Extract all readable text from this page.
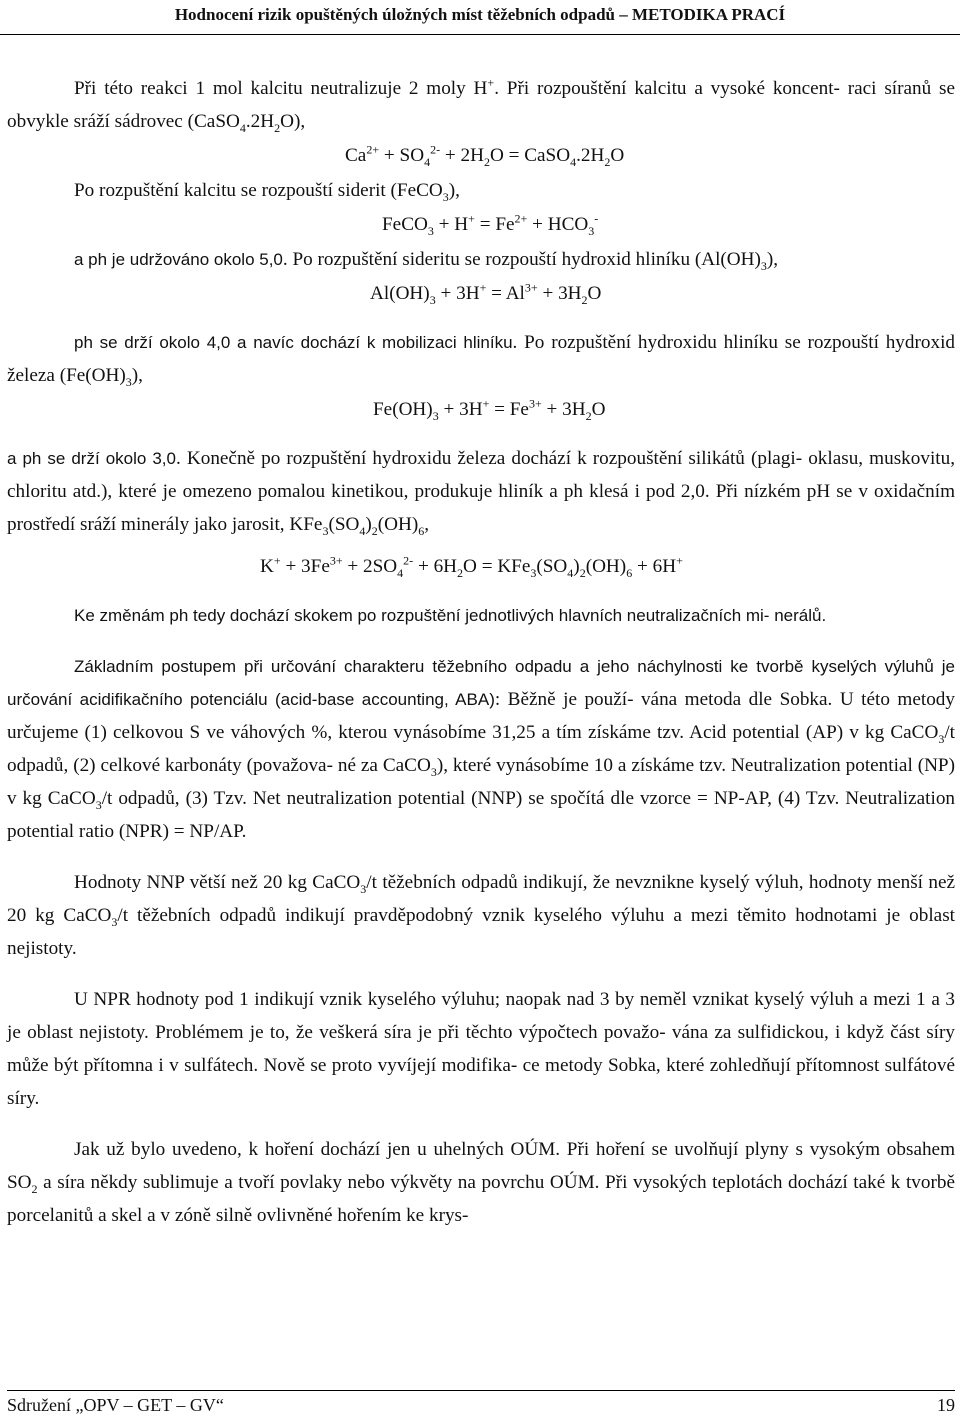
Hodnocení rizik opuštěných úložných míst těžebních odpadů – METODIKA PRACÍ

Při této reakci 1 mol kalcitu neutralizuje 2 moly H+. Při rozpouštění kalcitu a vysoké koncent- raci síranů se obvykle sráží sádrovec $(CaSO_4.2H_2O)$,

$Ca^{2+} + SO_4^{2-} + 2H_2O$ = $CaSO_4.2H_2O$

Po rozpuštění kalcitu se rozpouští siderit (FeCO$_3$),

FeCO$_3$ + $H^+ = Fe^{2+} + HCO_3^-$

a ph je udržováno okolo 5,0. Po rozpuštění sideritu se rozpouští hydroxid hliníku $(Al(OH)_3)$,

$Al(OH)_3 + 3H^+ = Al^{3+} + 3H_2O$

ph se drží okolo 4,0 a navíc dochází k mobilizaci hliníku. Po rozpuštění hydroxidu hliníku se rozpouští hydroxid železa $(Fe(OH)_3)$,

$Fe(OH)_3 + 3H^+ = Fe^{3+} + 3H_2O$

a ph se drží okolo 3,0. Konečně po rozpuštění hydroxidu železa dochází k rozpouštění silikátů (plagi- oklasu, muskovitu, chloritu atd.), které je omezeno pomalou kinetikou, produkuje hliník a ph klesá i pod 2,0. Při nízkém pH se v oxidačním prostředí sráží minerály jako jarosit, $KFe_3(SO_4)_2(OH)_6$,

$K^+ + 3Fe^{3+} + 2SO_4^{2-} + 6H_2O = KFe_3(SO_4)_2(OH)_6 + 6H^+$

Ke změnám ph tedy dochází skokem po rozpuštění jednotlivých hlavních neutralizačních mi- nerálů.

Základním postupem při určování charakteru těžebního odpadu a jeho náchylnosti ke tvorbě kyselých výluhů je určování acidifikačního potenciálu (acid-base accounting, ABA): Běžně je použí- vána metoda dle Sobka. U této metody určujeme (1) celkovou S ve váhových %, kterou vynásobíme 31,25 a tím získáme tzv. Acid potential (AP) v kg CaCO$_3$/t odpadů, (2) celkové karbonáty (považova- né za CaCO$_3$), které vynásobíme 10 a získáme tzv. Neutralization potential (NP) v kg CaCO$_3$/t odpadů, (3) Tzv. Net neutralization potential (NNP) se spočítá dle vzorce = NP-AP, (4) Tzv. Neutralization potential ratio (NPR) = NP/AP.

Hodnoty NNP větší než 20 kg CaCO$_3$/t těžebních odpadů indikují, že nevznikne kyselý výluh, hodnoty menší než 20 kg CaCO$_3$/t těžebních odpadů indikují pravděpodobný vznik kyselého výluhu a mezi těmito hodnotami je oblast nejistoty.

U NPR hodnoty pod 1 indikují vznik kyselého výluhu; naopak nad 3 by neměl vznikat kyselý výluh a mezi 1 a 3 je oblast nejistoty. Problémem je to, že veškerá síra je při těchto výpočtech považo- vána za sulfidickou, i když část síry může být přítomna i v sulfátech. Nově se proto vyvíjejí modifika- ce metody Sobka, které zohledňují přítomnost sulfátové síry.

Jak už bylo uvedeno, k hoření dochází jen u uhelných OÚM. Při hoření se uvolňují plyny s vysokým obsahem $SO_2$ a síra někdy sublimuje a tvoří povlaky nebo výkvěty na povrchu OÚM. Při vysokých teplotách dochází také k tvorbě porcelanitů a skel a v zóně silně ovlivněné hořením ke krys-

Sdružení „OPV – GET – GV“	19
